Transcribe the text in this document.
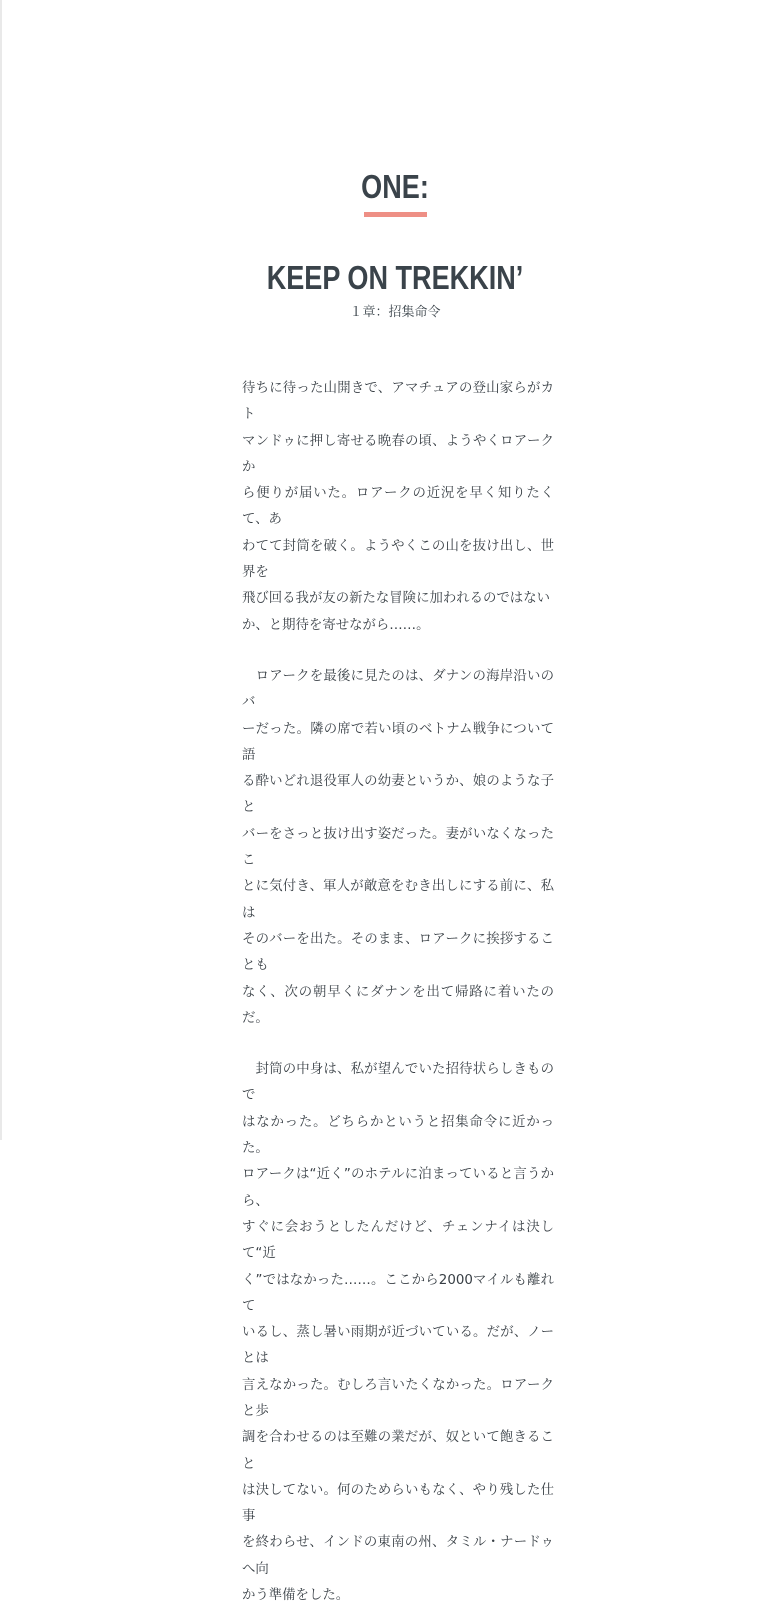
ONE:
KEEP ON TREKKIN’
１章：招集命令

待ちに待った山開きで、アマチュアの登山家らがカト
マンドゥに押し寄せる晩春の頃、ようやくロアークか
ら便りが届いた。ロアークの近況を早く知りたくて、あ
わてて封筒を破く。ようやくこの山を抜け出し、世界を
飛び回る我が友の新たな冒険に加われるのではない
か、と期待を寄せながら……。

　ロアークを最後に見たのは、ダナンの海岸沿いのバ
ーだった。隣の席で若い頃のベトナム戦争について語
る酔いどれ退役軍人の幼妻というか、娘のような子と
バーをさっと抜け出す姿だった。妻がいなくなったこ
とに気付き、軍人が敵意をむき出しにする前に、私は
そのバーを出た。そのまま、ロアークに挨拶することも
なく、次の朝早くにダナンを出て帰路に着いたのだ。

　封筒の中身は、私が望んでいた招待状らしきもので
はなかった。どちらかというと招集命令に近かった。
ロアークは“近く”のホテルに泊まっていると言うから、
すぐに会おうとしたんだけど、チェンナイは決して“近
く”ではなかった……。ここから2000マイルも離れて
いるし、蒸し暑い雨期が近づいている。だが、ノーとは
言えなかった。むしろ言いたくなかった。ロアークと歩
調を合わせるのは至難の業だが、奴といて飽きること
は決してない。何のためらいもなく、やり残した仕事
を終わらせ、インドの東南の州、タミル・ナードゥへ向
かう準備をした。
